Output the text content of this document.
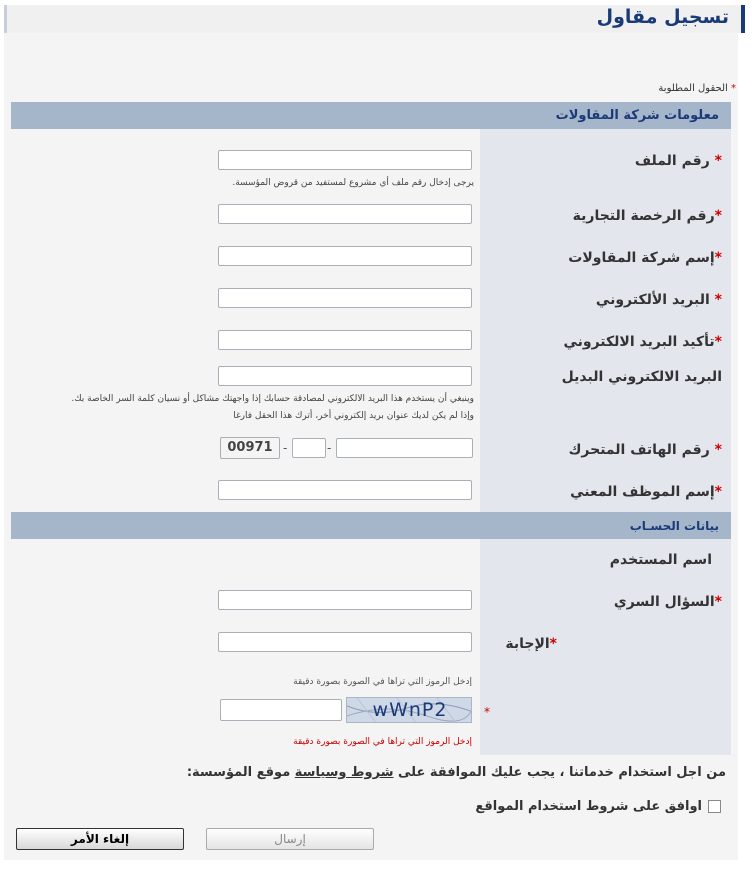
تسجيل مقاول
* الحقول المطلوبة
معلومات شركة المقاولات
* رقم الملف
يرجى إدخال رقم ملف أي مشروع لمستفيد من قروض المؤسسة.
*رقم الرخصة التجارية
*إسم شركة المقاولات
* البريد الألكتروني
*تأكيد البريد الالكتروني
البريد الالكتروني البديل
وينبغي أن يستخدم هذا البريد الالكتروني لمصادقة حسابك إذا واجهتك مشاكل أو نسيان كلمة السر الخاصة بك.
وإذا لم يكن لديك عنوان بريد إلكتروني أخر، أترك هذا الحقل فارغا
* رقم الهاتف المتحرك
-
-
00971
*إسم الموظف المعني
بيانات الحسـاب
اسم المستخدم
*السؤال السري
*الإجابة
إدخل الرموز التي تراها في الصورة بصورة دقيقة
*
wWnP2
إدخل الرموز التي تراها في الصورة بصورة دقيقة
من اجل استخدام خدماتنا ، يجب عليك الموافقة على شروط وسياسة موقع المؤسسة:
اوافق على شروط استخدام المواقع
إلغاء الأمر	إرسال
